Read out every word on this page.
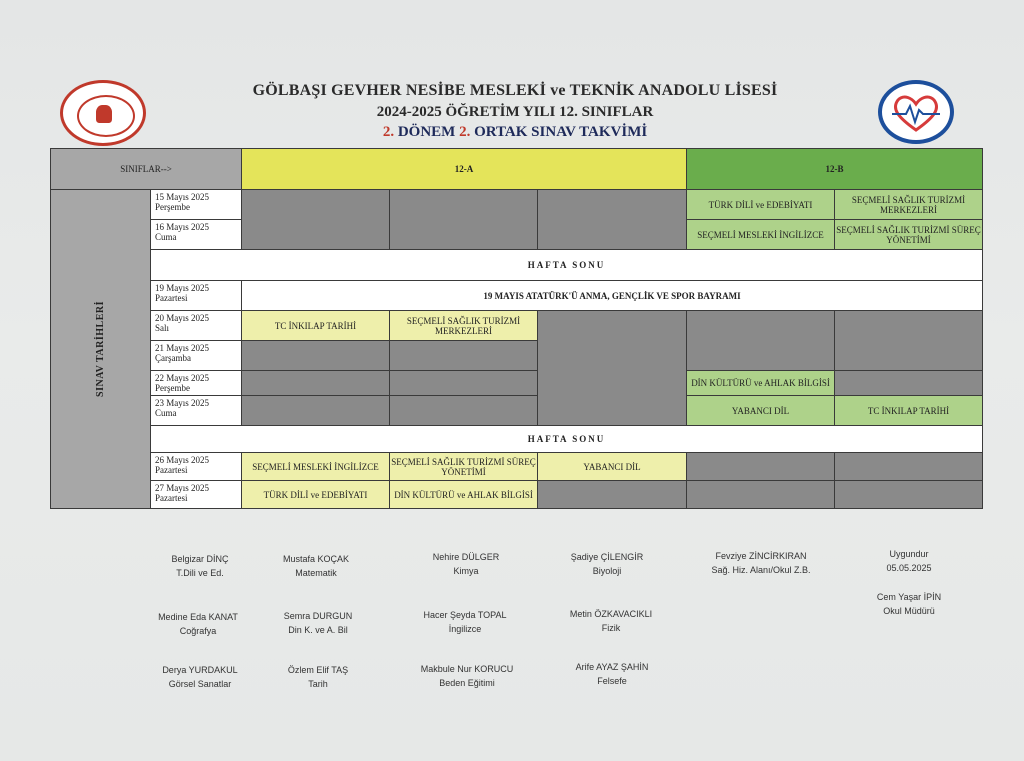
GÖLBAŞI GEVHER NESİBE MESLEKİ ve TEKNİK ANADOLU LİSESİ
2024-2025 ÖĞRETİM YILI 12. SINIFLAR
2. DÖNEM 2. ORTAK SINAV TAKVİMİ
SINIFLAR-->		12-A			12-B	

SINAV TARİHLERİ	15 Mayıs 2025
Perşembe				TÜRK DİLİ ve EDEBİYATI	SEÇMELİ SAĞLIK TURİZMİ MERKEZLERİ

	16 Mayıs 2025
Cuma				SEÇMELİ MESLEKİ İNGİLİZCE	SEÇMELİ SAĞLIK TURİZMİ SÜREÇ YÖNETİMİ
	HAFTA SONU					

	19 Mayıs 2025
Pazartesi	19 MAYIS ATATÜRK'Ü ANMA, GENÇLİK VE SPOR BAYRAMI				

	20 Mayıs 2025
Salı	TC İNKILAP TARİHİ	SEÇMELİ SAĞLIK TURİZMİ MERKEZLERİ			

	21 Mayıs 2025
Çarşamba					

	22 Mayıs 2025
Perşembe				DİN KÜLTÜRÜ ve AHLAK BİLGİSİ	

	23 Mayıs 2025
Cuma				YABANCI DİL	TC İNKILAP TARİHİ
	HAFTA SONU					

	26 Mayıs 2025
Pazartesi	SEÇMELİ MESLEKİ İNGİLİZCE	SEÇMELİ SAĞLIK TURİZMİ SÜREÇ YÖNETİMİ	YABANCI DİL		

	27 Mayıs 2025
Pazartesi	TÜRK DİLİ ve EDEBİYATI	DİN KÜLTÜRÜ ve AHLAK BİLGİSİ			
Belgizar DİNÇ
T.Dili ve Ed.
Mustafa KOÇAK
Matematik
Nehire DÜLGER
Kimya
Şadiye ÇİLENGİR
Biyoloji
Fevziye ZİNCİRKIRAN
Sağ. Hiz. Alanı/Okul Z.B.
Uygundur
05.05.2025
Medine Eda KANAT
Coğrafya
Semra DURGUN
Din K. ve A. Bil
Hacer Şeyda TOPAL
İngilizce
Metin ÖZKAVACIKLI
Fizik
Cem Yaşar İPİN
Okul Müdürü
Derya YURDAKUL
Görsel Sanatlar
Özlem Elif TAŞ
Tarih
Makbule Nur KORUCU
Beden Eğitimi
Arife AYAZ ŞAHİN
Felsefe
